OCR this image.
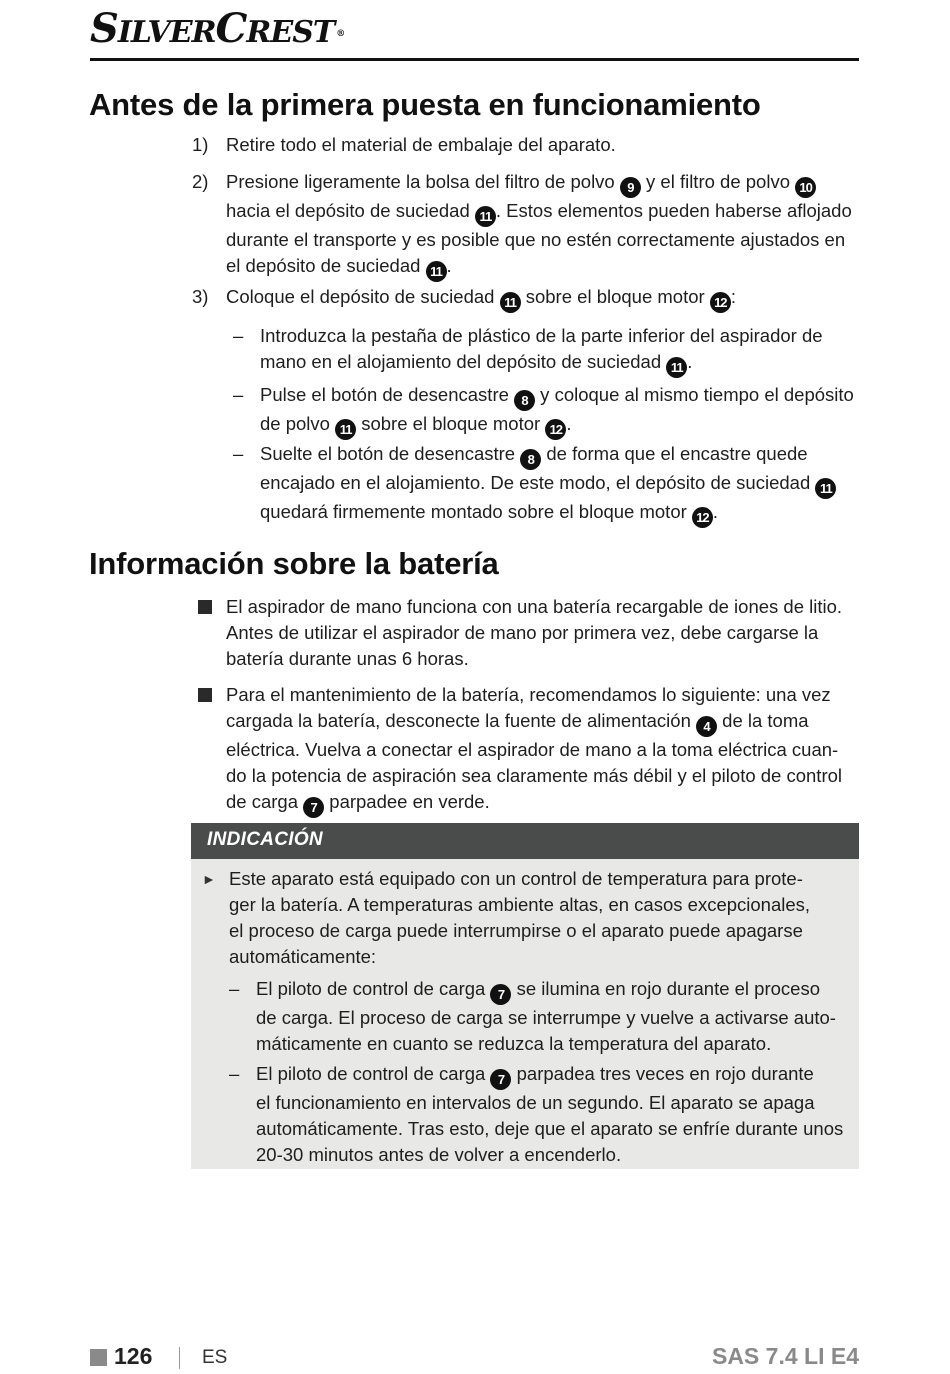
SILVERCREST ®
Antes de la primera puesta en funcionamiento
1) Retire todo el material de embalaje del aparato.
2) Presione ligeramente la bolsa del filtro de polvo 9 y el filtro de polvo 10
hacia el depósito de suciedad 11 . Estos elementos pueden haberse aflojado
durante el transporte y es posible que no estén correctamente ajustados en
el depósito de suciedad 11 .
3) Coloque el depósito de suciedad 11 sobre el bloque motor 12 :
– Introduzca la pestaña de plástico de la parte inferior del aspirador de
mano en el alojamiento del depósito de suciedad 11 .
– Pulse el botón de desencastre 8 y coloque al mismo tiempo el depósito
de polvo 11 sobre el bloque motor 12 .
– Suelte el botón de desencastre 8 de forma que el encastre quede
encajado en el alojamiento. De este modo, el depósito de suciedad 11
quedará firmemente montado sobre el bloque motor 12 .
Información sobre la batería
El aspirador de mano funciona con una batería recargable de iones de litio.
Antes de utilizar el aspirador de mano por primera vez, debe cargarse la
batería durante unas 6 horas.
Para el mantenimiento de la batería, recomendamos lo siguiente: una vez
cargada la batería, desconecte la fuente de alimentación 4 de la toma
eléctrica. Vuelva a conectar el aspirador de mano a la toma eléctrica cuan-
do la potencia de aspiración sea claramente más débil y el piloto de control
de carga 7 parpadee en verde.
INDICACIÓN
► Este aparato está equipado con un control de temperatura para prote-
ger la batería. A temperaturas ambiente altas, en casos excepcionales,
el proceso de carga puede interrumpirse o el aparato puede apagarse
automáticamente:
– El piloto de control de carga 7 se ilumina en rojo durante el proceso
de carga. El proceso de carga se interrumpe y vuelve a activarse auto-
máticamente en cuanto se reduzca la temperatura del aparato.
– El piloto de control de carga 7 parpadea tres veces en rojo durante
el funcionamiento en intervalos de un segundo. El aparato se apaga
automáticamente. Tras esto, deje que el aparato se enfríe durante unos
20-30 minutos antes de volver a encenderlo.
126	ES	SAS 7.4 LI E4
